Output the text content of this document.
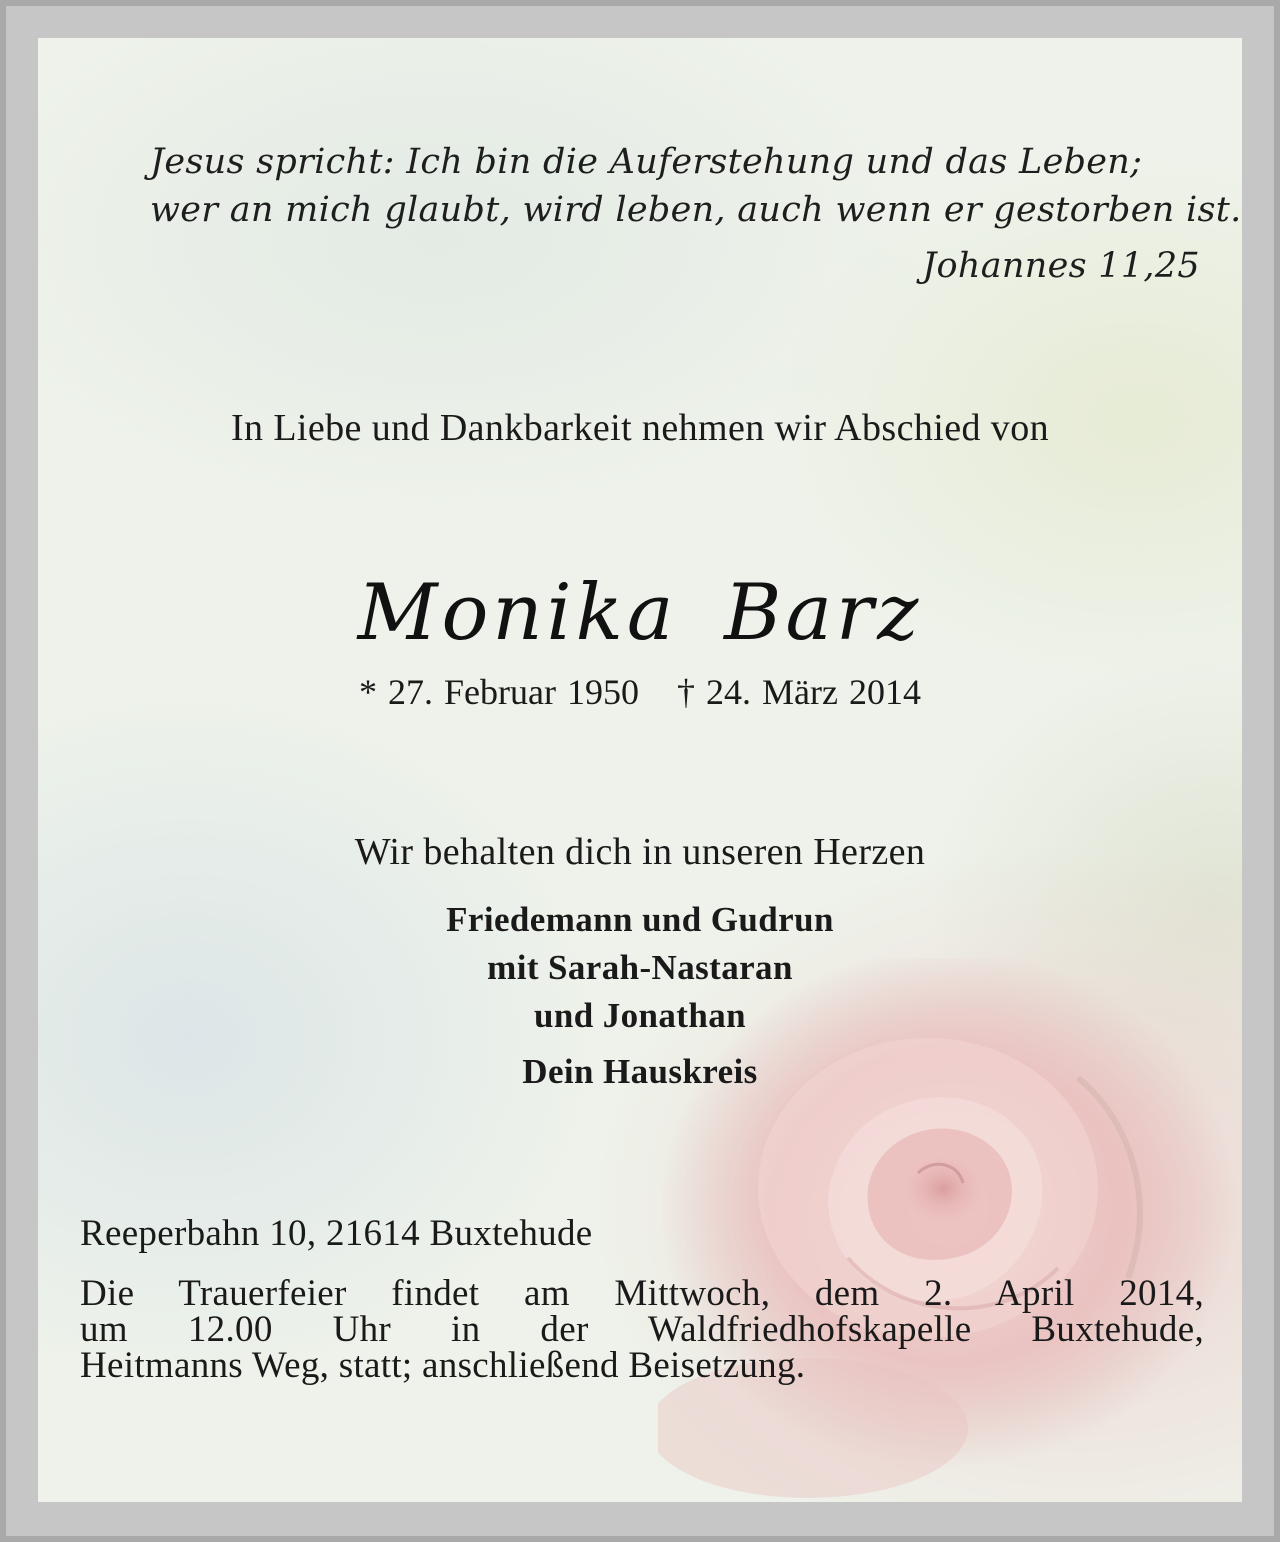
Jesus spricht: Ich bin die Auferstehung und das Leben;
wer an mich glaubt, wird leben, auch wenn er gestorben ist.
Johannes 11,25
In Liebe und Dankbarkeit nehmen wir Abschied von
Monika Barz
* 27. Februar 1950 † 24. März 2014
Wir behalten dich in unseren Herzen
Friedemann und Gudrun
mit Sarah-Nastaran
und Jonathan
Dein Hauskreis
Reeperbahn 10, 21614 Buxtehude
Die Trauerfeier findet am Mittwoch, dem 2. April 2014,
um 12.00 Uhr in der Waldfriedhofskapelle Buxtehude,
Heitmanns Weg, statt; anschließend Beisetzung.
